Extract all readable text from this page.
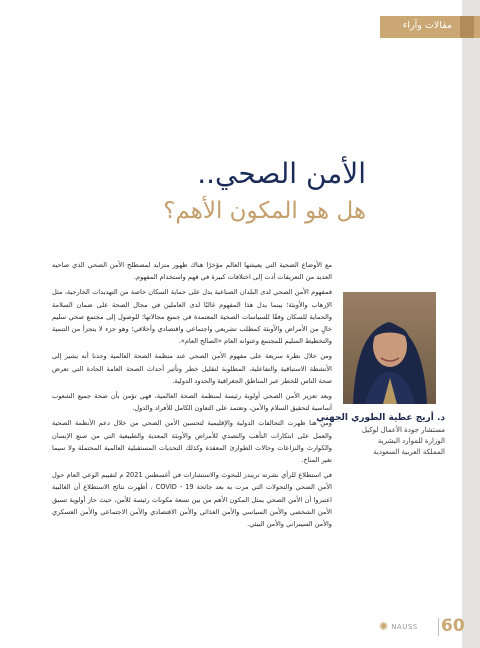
مقالات وآراء
الأمن الصحي..
هل هو المكون الأهم؟
د. أريج عطية الطوري الجهني
مستشار جودة الأعمال لوكيل
الوزارة للموارد البشرية
المملكة العربية السعودية

مع الأوضاع الصحية التي يعيشها العالم مؤخرًا هناك ظهور متزايد لمصطلح الأمن الصحي الذي صاحبه العديد من التعريفات أدت إلى اختلافات كبيرة في فهم واستخدام المفهوم.

فمفهوم الأمن الصحي لدى البلدان الصناعية يدل على حماية السكان خاصة من التهديدات الخارجية، مثل الإرهاب والأوبئة؛ بينما يدل هذا المفهوم غالبًا لدى العاملين في مجال الصحة على ضمان السلامة والحماية للسكان وفقًا للسياسات الصحية المعتمدة في جميع مجالاتها؛ للوصول إلى مجتمع صحي سليم خالٍ من الأمراض والأوبئة كمطلب تشريعي واجتماعي واقتصادي وأخلاقي؛ وهو جزء لا يتجزأ من التنمية والتخطيط السليم للمجتمع وعنوانه العام «الصالح العام».

ومن خلال نظرة سريعة على مفهوم الأمن الصحي عند منظمة الصحة العالمية وجدنا أنه يشير إلى الأنشطة الاستباقية والتفاعلية، المطلوبة لتقليل خطر وتأثير أحداث الصحة العامة الحادة التي تعرض صحة الناس للخطر عبر المناطق الجغرافية والحدود الدولية.

ويعد تعزيز الأمن الصحي أولوية رئيسة لمنظمة الصحة العالمية، فهي تؤمن بأن صحة جميع الشعوب أساسية لتحقيق السلام والأمن، وتعتمد على التعاون الكامل للأفراد والدول.

ومن هنا ظهرت التحالفات الدولية والإقليمية لتحسين الأمن الصحي من خلال دعم الأنظمة الصحية والعمل على ابتكارات التأهب والتصدي للأمراض والأوبئة المعدية والطبيعية التي من صنع الإنسان والكوارث والنزاعات وحالات الطوارئ المعقدة وكذلك التحديات المستقبلية العالمية المحتملة ولا سيما تغير المناخ.

في استطلاع للرأي نشرته تريندز للبحوث والاستشارات في أغسطس 2021 م لتقييم الوعي العام حول الأمن الصحي والتحولات التي مرت به بعد جائحة COVID - 19 ، أظهرت نتائج الاستطلاع أن الغالبية اعتبروا أن الأمن الصحي يمثل المكون الأهم من بين تسعة مكونات رئيسة للأمن، حيث حاز أولوية تسبق الأمن الشخصي والأمن السياسي والأمن الغذائي والأمن الاقتصادي والأمن الاجتماعي والأمن العسكري والأمن السيبراني والأمن البيئي.

✺ NAUSS 60
